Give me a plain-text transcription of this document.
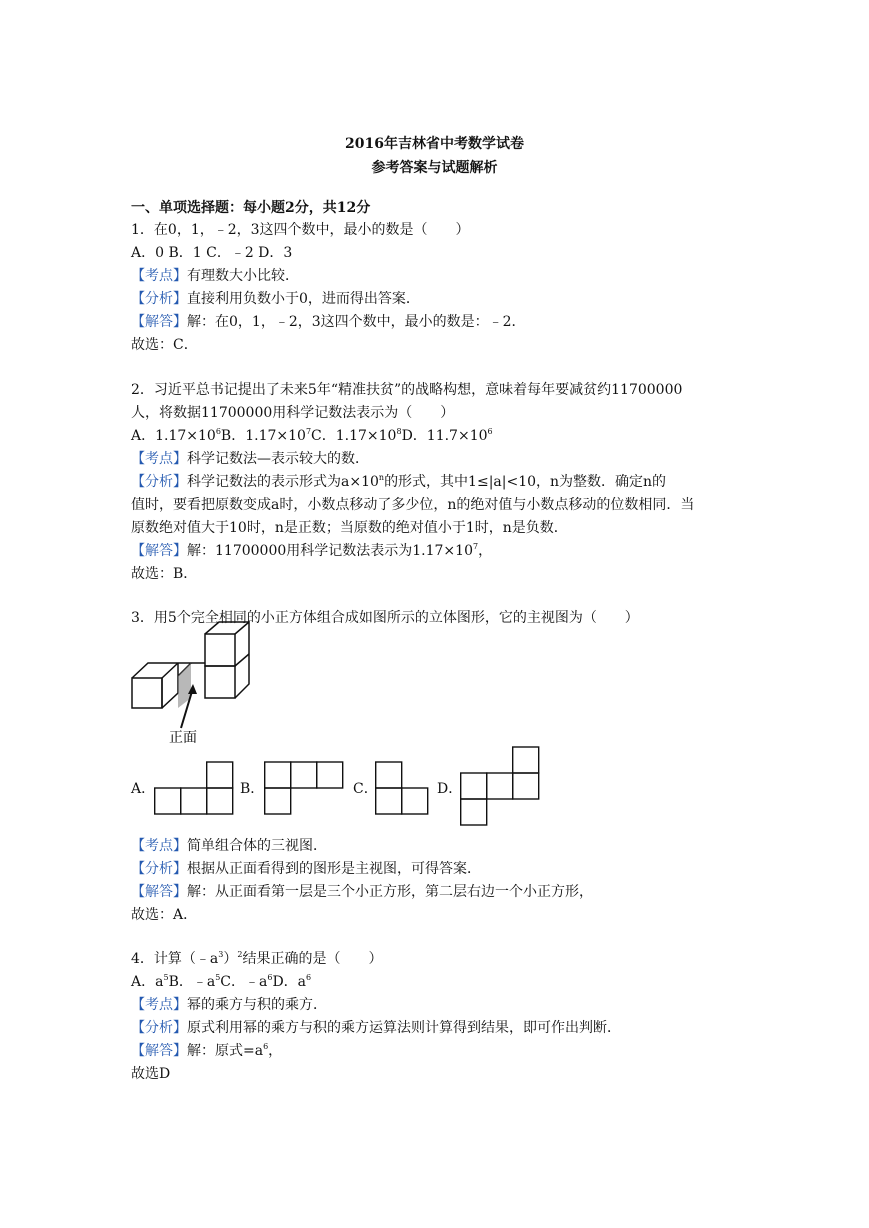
2016年吉林省中考数学试卷
参考答案与试题解析
一、单项选择题：每小题2分，共12分
1．在0，1，﹣2，3这四个数中，最小的数是（　　）
A．0 B．1 C．﹣2 D．3
【考点】有理数大小比较．
【分析】直接利用负数小于0，进而得出答案．
【解答】解：在0，1，﹣2，3这四个数中，最小的数是：﹣2．
故选：C．
2．习近平总书记提出了未来5年“精准扶贫”的战略构想，意味着每年要减贫约11700000
人，将数据11700000用科学记数法表示为（　　）
A．$1.17\times 10^6B$．$1.17\times 10^7C$．$1.17\times 10^8D$．$11.7\times 10^6$
【考点】科学记数法—表示较大的数．
【分析】科学记数法的表示形式为$a\times 10^n$的形式，其中1≤|a|<10，n为整数．确定n的
值时，要看把原数变成a时，小数点移动了多少位，n的绝对值与小数点移动的位数相同．当
原数绝对值大于10时，n是正数；当原数的绝对值小于1时，n是负数．
【解答】解：11700000用科学记数法表示为$1.17\times 10^7$，
故选：B．
3．用5个完全相同的小正方体组合成如图所示的立体图形，它的主视图为（　　）
正面
A．	B．	C．	D．
【考点】简单组合体的三视图．
【分析】根据从正面看得到的图形是主视图，可得答案．
【解答】解：从正面看第一层是三个小正方形，第二层右边一个小正方形，
故选：A．
4．计算$(﹣a^3)^2$结果正确的是（　　）
A．$a^5B$．$﹣a^5C$．$﹣a^6D$．$a^6$
【考点】幂的乘方与积的乘方．
【分析】原式利用幂的乘方与积的乘方运算法则计算得到结果，即可作出判断．
【解答】解：原式$=a^6$，
故选D
